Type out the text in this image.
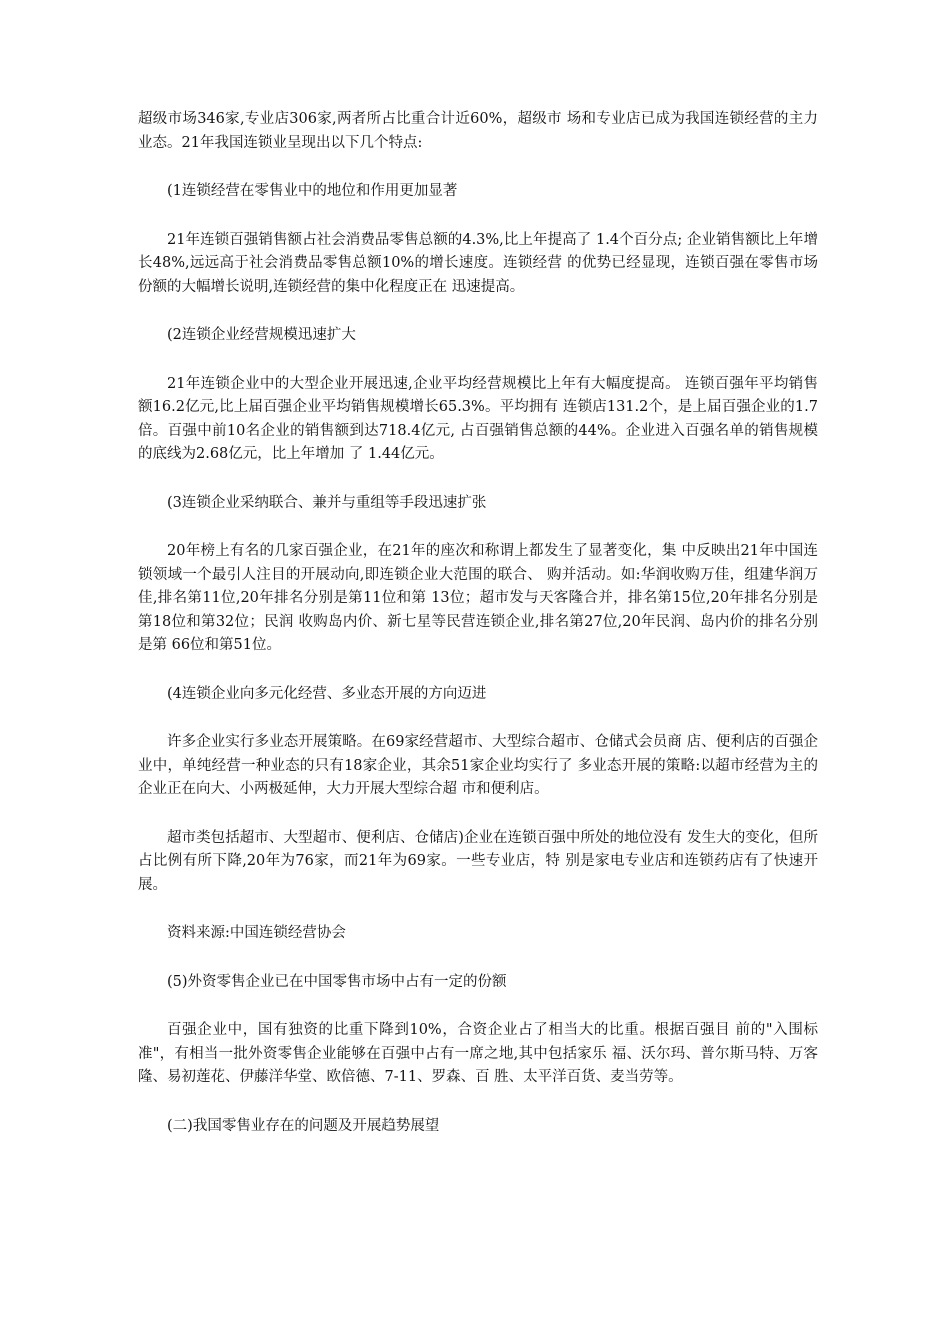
超级市场346家,专业店306家,两者所占比重合计近60%，超级市 场和专业店已成为我国连锁经营的主力业态。21年我国连锁业呈现出以下几个特点:

(1连锁经营在零售业中的地位和作用更加显著

21年连锁百强销售额占社会消费品零售总额的4.3%,比上年提高了 1.4个百分点; 企业销售额比上年增长48%,远远高于社会消费品零售总额10%的增长速度。连锁经营 的优势已经显现，连锁百强在零售市场份额的大幅增长说明,连锁经营的集中化程度正在 迅速提高。

(2连锁企业经营规模迅速扩大

21年连锁企业中的大型企业开展迅速,企业平均经营规模比上年有大幅度提高。 连锁百强年平均销售额16.2亿元,比上届百强企业平均销售规模增长65.3%。平均拥有 连锁店131.2个，是上届百强企业的1.7倍。百强中前10名企业的销售额到达718.4亿元, 占百强销售总额的44%。企业进入百强名单的销售规模的底线为2.68亿元，比上年增加 了 1.44亿元。

(3连锁企业采纳联合、兼并与重组等手段迅速扩张

20年榜上有名的几家百强企业，在21年的座次和称谓上都发生了显著变化，集 中反映出21年中国连锁领域一个最引人注目的开展动向,即连锁企业大范围的联合、 购并活动。如:华润收购万佳，组建华润万佳,排名第11位,20年排名分别是第11位和第 13位；超市发与天客隆合并，排名第15位,20年排名分别是第18位和第32位；民润 收购岛内价、新七星等民营连锁企业,排名第27位,20年民润、岛内价的排名分别是第 66位和第51位。

(4连锁企业向多元化经营、多业态开展的方向迈进

许多企业实行多业态开展策略。在69家经营超市、大型综合超市、仓储式会员商 店、便利店的百强企业中，单纯经营一种业态的只有18家企业，其余51家企业均实行了 多业态开展的策略:以超市经营为主的企业正在向大、小两极延伸，大力开展大型综合超 市和便利店。

超市类包括超市、大型超市、便利店、仓储店)企业在连锁百强中所处的地位没有 发生大的变化，但所占比例有所下降,20年为76家，而21年为69家。一些专业店，特 别是家电专业店和连锁药店有了快速开展。

资料来源:中国连锁经营协会

(5)外资零售企业已在中国零售市场中占有一定的份额

百强企业中，国有独资的比重下降到10%，合资企业占了相当大的比重。根据百强目 前的"入围标准"，有相当一批外资零售企业能够在百强中占有一席之地,其中包括家乐 福、沃尔玛、普尔斯马特、万客隆、易初莲花、伊藤洋华堂、欧倍德、7-11、罗森、百 胜、太平洋百货、麦当劳等。

(二)我国零售业存在的问题及开展趋势展望
